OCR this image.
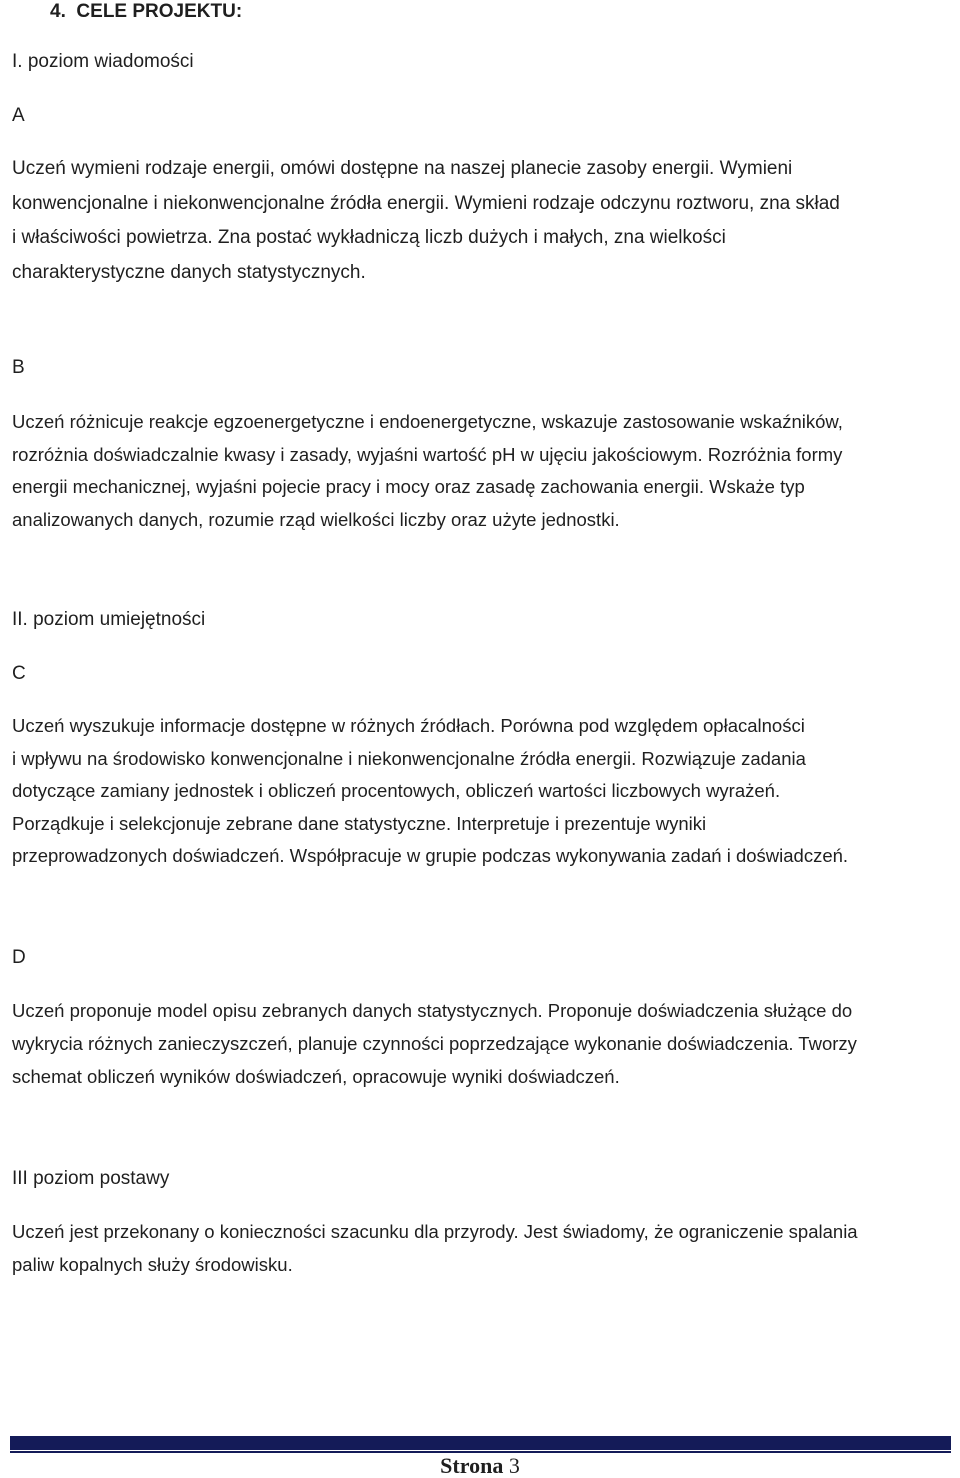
4. CELE PROJEKTU:
I. poziom wiadomości
A
Uczeń wymieni rodzaje energii, omówi dostępne na naszej planecie zasoby energii. Wymieni
konwencjonalne i niekonwencjonalne źródła energii. Wymieni rodzaje odczynu roztworu, zna skład
i właściwości powietrza. Zna postać wykładniczą liczb dużych i małych, zna wielkości
charakterystyczne danych statystycznych.
B
Uczeń różnicuje reakcje egzoenergetyczne i endoenergetyczne, wskazuje zastosowanie wskaźników,
rozróżnia doświadczalnie kwasy i zasady, wyjaśni wartość pH w ujęciu jakościowym. Rozróżnia formy
energii mechanicznej, wyjaśni pojecie pracy i mocy oraz zasadę zachowania energii. Wskaże typ
analizowanych danych, rozumie rząd wielkości liczby oraz użyte jednostki.
II. poziom umiejętności
C
Uczeń wyszukuje informacje dostępne w różnych źródłach. Porówna pod względem opłacalności
i wpływu na środowisko konwencjonalne i niekonwencjonalne źródła energii. Rozwiązuje zadania
dotyczące zamiany jednostek i obliczeń procentowych, obliczeń wartości liczbowych wyrażeń.
Porządkuje i selekcjonuje zebrane dane statystyczne. Interpretuje i prezentuje wyniki
przeprowadzonych doświadczeń. Współpracuje w grupie podczas wykonywania zadań i doświadczeń.
D
Uczeń proponuje model opisu zebranych danych statystycznych. Proponuje doświadczenia służące do
wykrycia różnych zanieczyszczeń, planuje czynności poprzedzające wykonanie doświadczenia. Tworzy
schemat obliczeń wyników doświadczeń, opracowuje wyniki doświadczeń.
III poziom postawy
Uczeń jest przekonany o konieczności szacunku dla przyrody. Jest świadomy, że ograniczenie spalania
paliw kopalnych służy środowisku.
Strona 3
